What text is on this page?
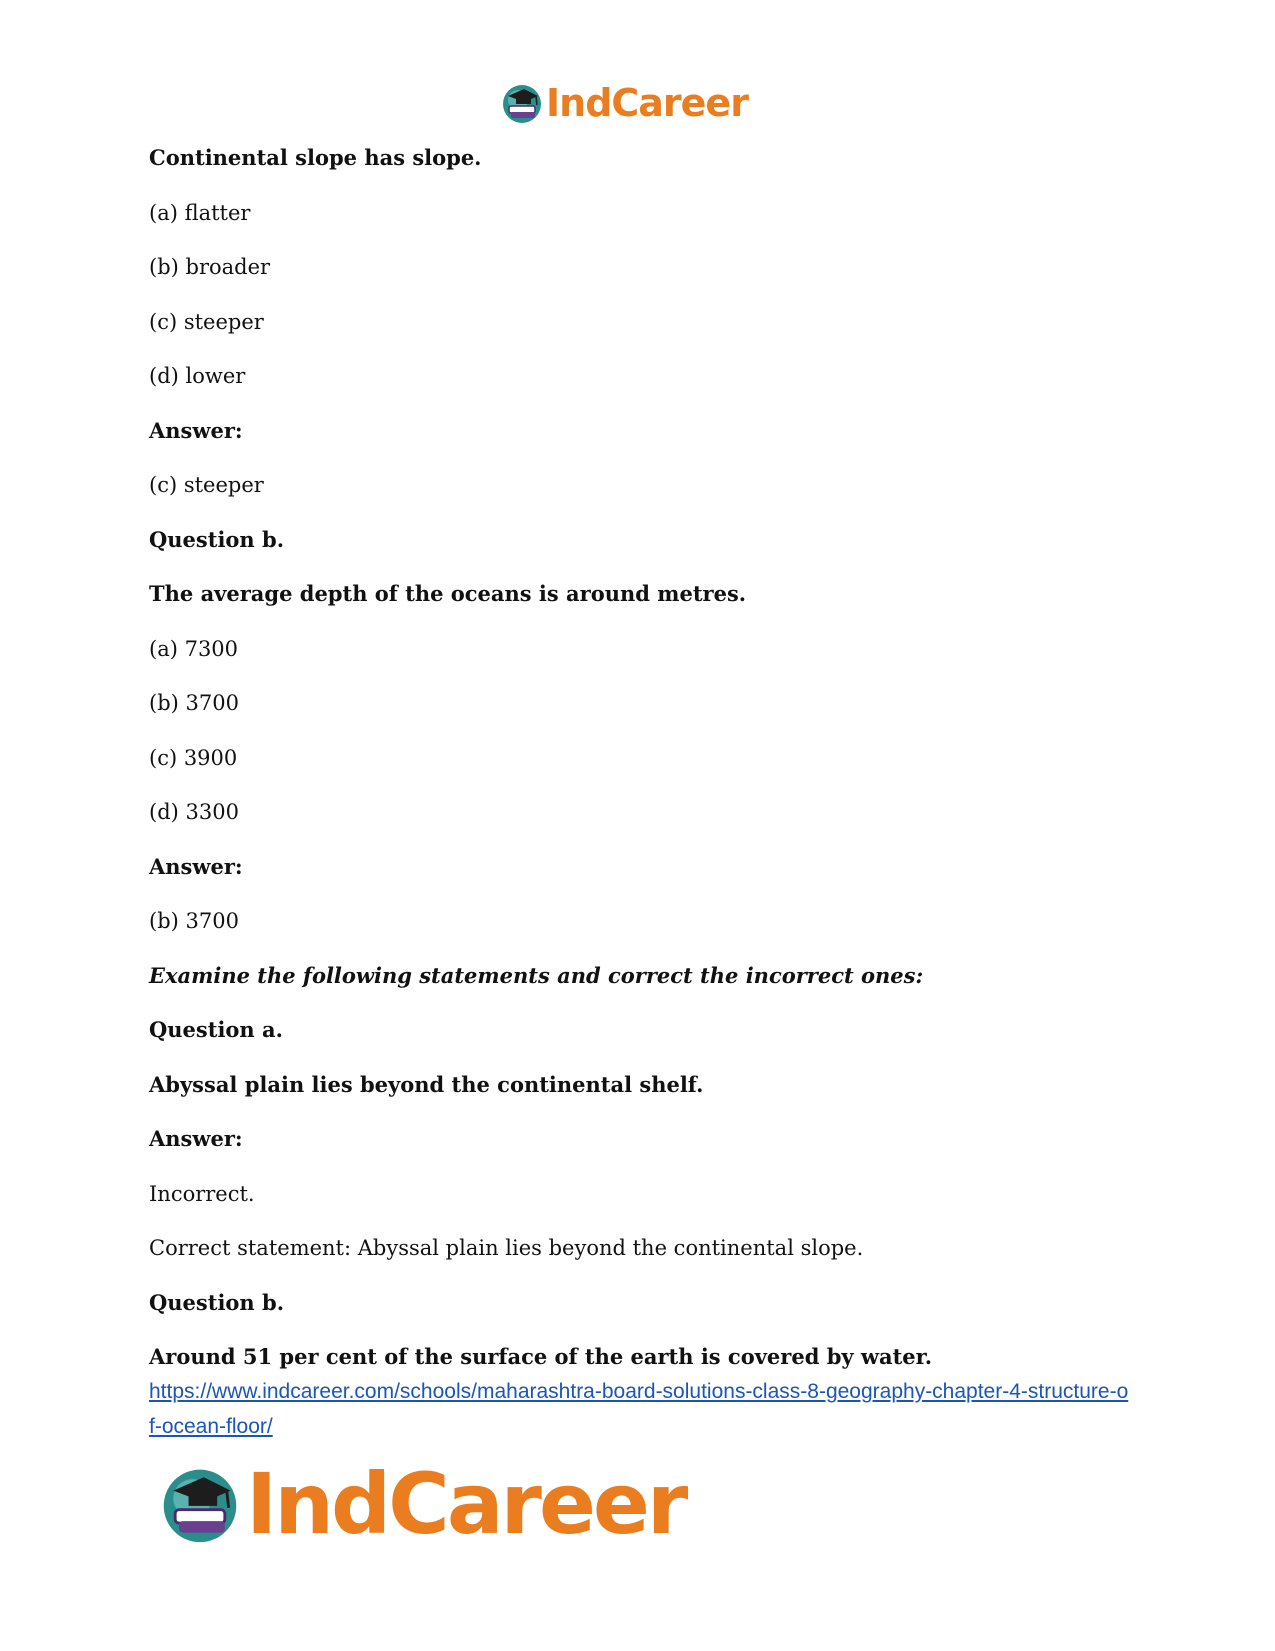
IndCareer
Continental slope has slope.
(a) flatter
(b) broader
(c) steeper
(d) lower
Answer:
(c) steeper
Question b.
The average depth of the oceans is around metres.
(a) 7300
(b) 3700
(c) 3900
(d) 3300
Answer:
(b) 3700
Examine the following statements and correct the incorrect ones:
Question a.
Abyssal plain lies beyond the continental shelf.
Answer:
Incorrect.
Correct statement: Abyssal plain lies beyond the continental slope.
Question b.
Around 51 per cent of the surface of the earth is covered by water.
https://www.indcareer.com/schools/maharashtra-board-solutions-class-8-geography-chapter-4-structure-of-ocean-floor/
IndCareer
